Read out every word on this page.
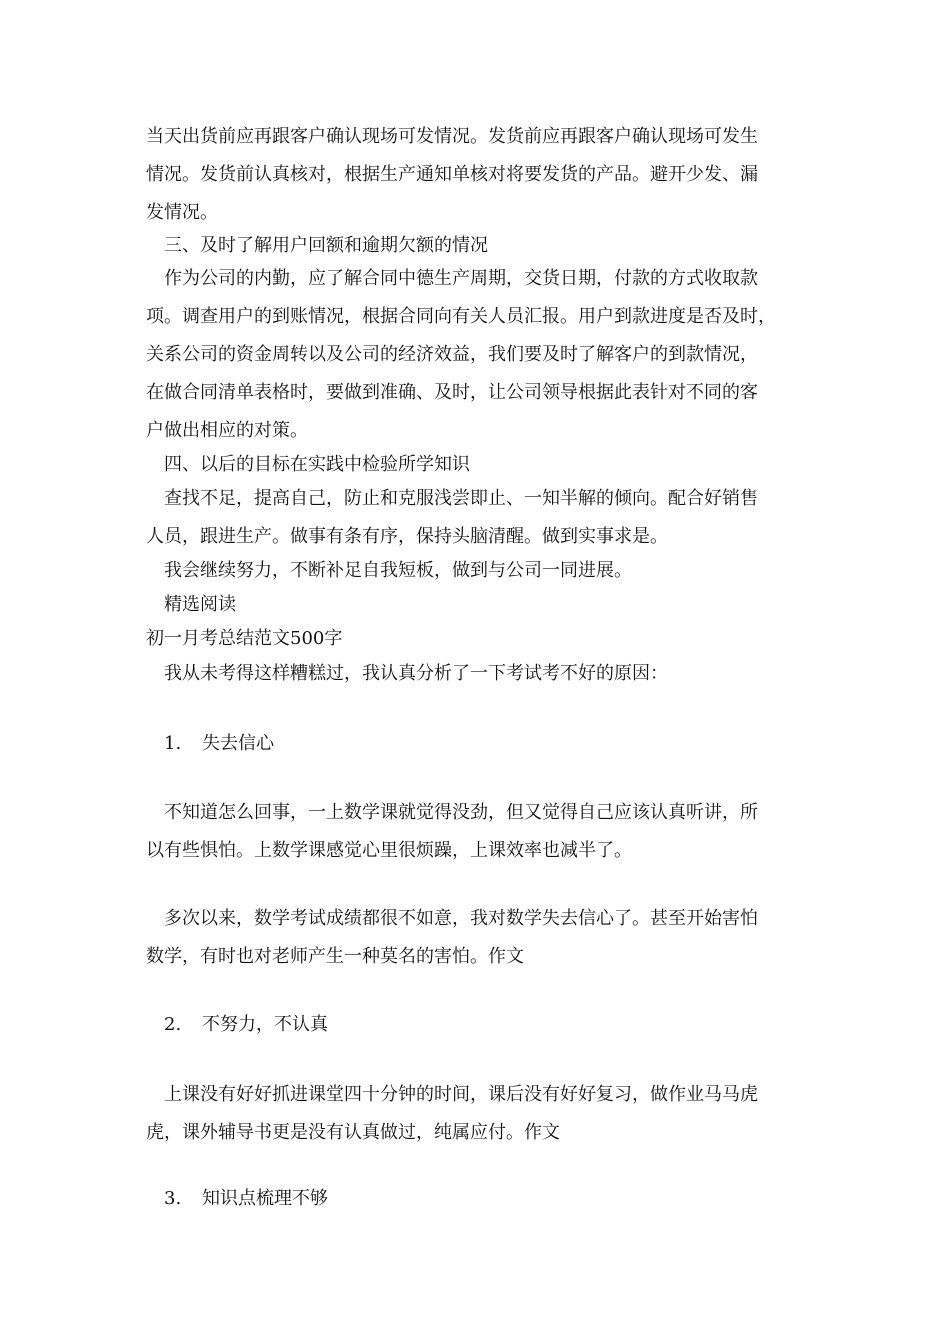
当天出货前应再跟客户确认现场可发情况。发货前应再跟客户确认现场可发生
情况。发货前认真核对，根据生产通知单核对将要发货的产品。避开少发、漏
发情况。
三、及时了解用户回额和逾期欠额的情况
作为公司的内勤，应了解合同中德生产周期，交货日期，付款的方式收取款
项。调查用户的到账情况，根据合同向有关人员汇报。用户到款进度是否及时，
关系公司的资金周转以及公司的经济效益，我们要及时了解客户的到款情况，
在做合同清单表格时，要做到准确、及时，让公司领导根据此表针对不同的客
户做出相应的对策。
四、以后的目标在实践中检验所学知识
查找不足，提高自己，防止和克服浅尝即止、一知半解的倾向。配合好销售
人员，跟进生产。做事有条有序，保持头脑清醒。做到实事求是。
我会继续努力，不断补足自我短板，做到与公司一同进展。
精选阅读
初一月考总结范文500字
我从未考得这样糟糕过，我认真分析了一下考试考不好的原因：
1. 失去信心
不知道怎么回事，一上数学课就觉得没劲，但又觉得自己应该认真听讲，所
以有些惧怕。上数学课感觉心里很烦躁，上课效率也减半了。
多次以来，数学考试成绩都很不如意，我对数学失去信心了。甚至开始害怕
数学，有时也对老师产生一种莫名的害怕。作文
2. 不努力，不认真
上课没有好好抓进课堂四十分钟的时间，课后没有好好复习，做作业马马虎
虎，课外辅导书更是没有认真做过，纯属应付。作文
3. 知识点梳理不够
